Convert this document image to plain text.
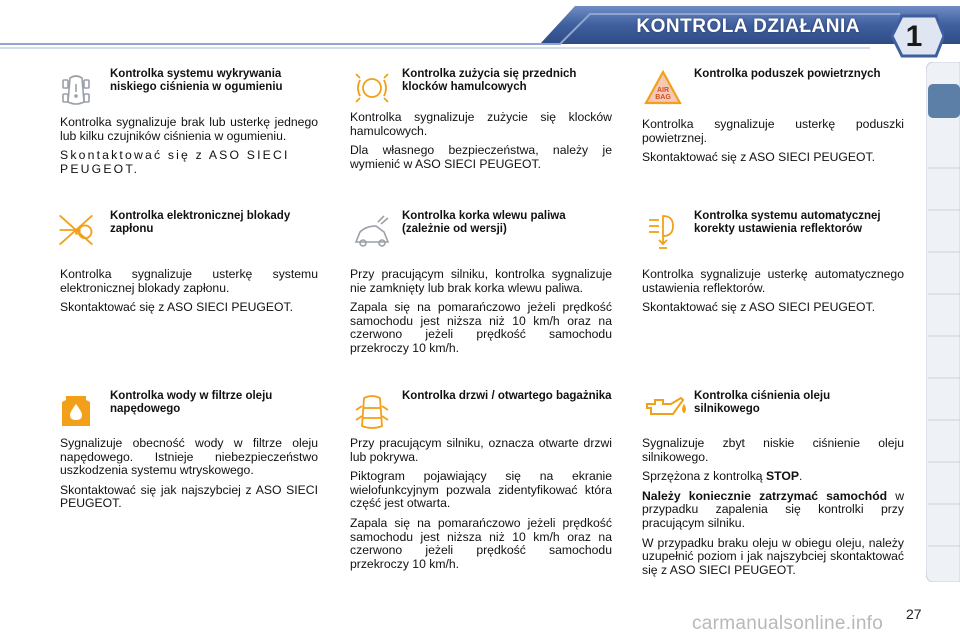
KONTROLA DZIAŁANIA	1
Kontrolka systemu wykrywania niskiego ciśnienia w ogumieniu

Kontrolka sygnalizuje brak lub usterkę jednego lub kilku czujników ciśnienia w ogumieniu.

Skontaktować się z ASO SIECI PEUGEOT.

Kontrolka zużycia się przednich klocków hamulcowych

Kontrolka sygnalizuje zużycie się klocków hamulcowych.

Dla własnego bezpieczeństwa, należy je wymienić w ASO SIECI PEUGEOT.

AIR
BAG
Kontrolka poduszek powietrznych

Kontrolka sygnalizuje usterkę poduszki powietrznej.

Skontaktować się z ASO SIECI PEUGEOT.

Kontrolka elektronicznej blokady zapłonu

Kontrolka sygnalizuje usterkę systemu elektronicznej blokady zapłonu.

Skontaktować się z ASO SIECI PEUGEOT.

Kontrolka korka wlewu paliwa (zależnie od wersji)

Przy pracującym silniku, kontrolka sygnalizuje nie zamknięty lub brak korka wlewu paliwa.

Zapala się na pomarańczowo jeżeli prędkość samochodu jest niższa niż 10 km/h oraz na czerwono jeżeli prędkość samochodu przekroczy 10 km/h.

Kontrolka systemu automatycznej korekty ustawienia reflektorów

Kontrolka sygnalizuje usterkę automatycznego ustawienia reflektorów.

Skontaktować się z ASO SIECI PEUGEOT.

Kontrolka wody w filtrze oleju napędowego

Sygnalizuje obecność wody w filtrze oleju napędowego. Istnieje niebezpieczeństwo uszkodzenia systemu wtryskowego.

Skontaktować się jak najszybciej z ASO SIECI PEUGEOT.

Kontrolka drzwi / otwartego bagażnika

Przy pracującym silniku, oznacza otwarte drzwi lub pokrywa.

Piktogram pojawiający się na ekranie wielofunkcyjnym pozwala zidentyfikować która część jest otwarta.

Zapala się na pomarańczowo jeżeli prędkość samochodu jest niższa niż 10 km/h oraz na czerwono jeżeli prędkość samochodu przekroczy 10 km/h.

Kontrolka ciśnienia oleju silnikowego

Sygnalizuje zbyt niskie ciśnienie oleju silnikowego.

Sprzężona z kontrolką STOP.

Należy koniecznie zatrzymać samochód w przypadku zapalenia się kontrolki przy pracującym silniku.

W przypadku braku oleju w obiegu oleju, należy uzupełnić poziom i jak najszybciej skontaktować się z ASO SIECI PEUGEOT.

27
carmanualsonline.info
